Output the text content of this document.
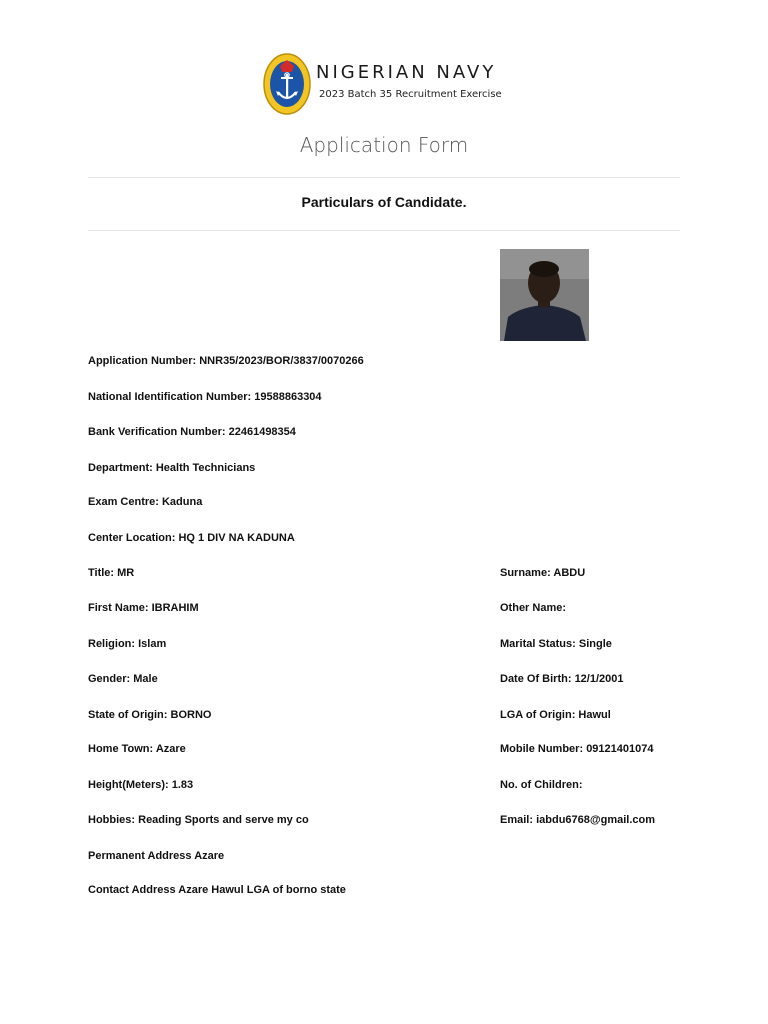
NIGERIAN NAVY
2023 Batch 35 Recruitment Exercise
Application Form
Particulars of Candidate.
Application Number: NNR35/2023/BOR/3837/0070266
National Identification Number: 19588863304
Bank Verification Number: 22461498354
Department: Health Technicians
Exam Centre: Kaduna
Center Location: HQ 1 DIV NA KADUNA
Title: MR	Surname: ABDU
First Name: IBRAHIM	Other Name:
Religion: Islam	Marital Status: Single
Gender: Male	Date Of Birth: 12/1/2001
State of Origin: BORNO	LGA of Origin: Hawul
Home Town: Azare	Mobile Number: 09121401074
Height(Meters): 1.83	No. of Children:
Hobbies: Reading Sports and serve my co	Email: iabdu6768@gmail.com
Permanent Address Azare
Contact Address Azare Hawul LGA of borno state
